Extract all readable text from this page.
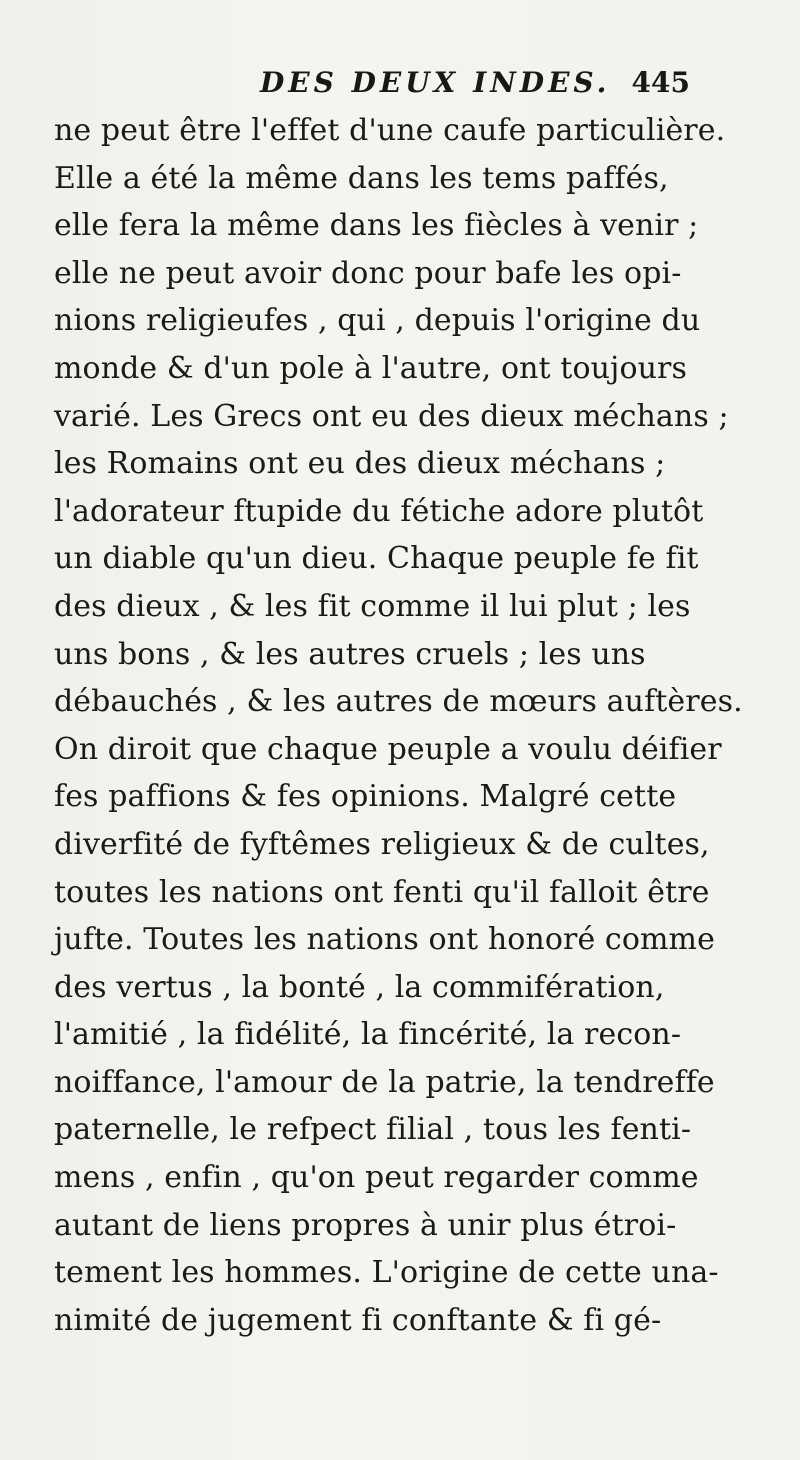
DES DEUX INDES. 445
ne peut être l'effet d'une caufe particulière.
Elle a été la même dans les tems paffés,
elle fera la même dans les fiècles à venir ;
elle ne peut avoir donc pour bafe les opi-
nions religieufes , qui , depuis l'origine du
monde & d'un pole à l'autre, ont toujours
varié. Les Grecs ont eu des dieux méchans ;
les Romains ont eu des dieux méchans ;
l'adorateur ftupide du fétiche adore plutôt
un diable qu'un dieu. Chaque peuple fe fit
des dieux , & les fit comme il lui plut ; les
uns bons , & les autres cruels ; les uns
débauchés , & les autres de mœurs auftères.
On diroit que chaque peuple a voulu déifier
fes paffions & fes opinions. Malgré cette
diverfité de fyftêmes religieux & de cultes,
toutes les nations ont fenti qu'il falloit être
jufte. Toutes les nations ont honoré comme
des vertus , la bonté , la commifération,
l'amitié , la fidélité, la fincérité, la recon-
noiffance, l'amour de la patrie, la tendreffe
paternelle, le refpect filial , tous les fenti-
mens , enfin , qu'on peut regarder comme
autant de liens propres à unir plus étroi-
tement les hommes. L'origine de cette una-
nimité de jugement fi conftante & fi gé-
